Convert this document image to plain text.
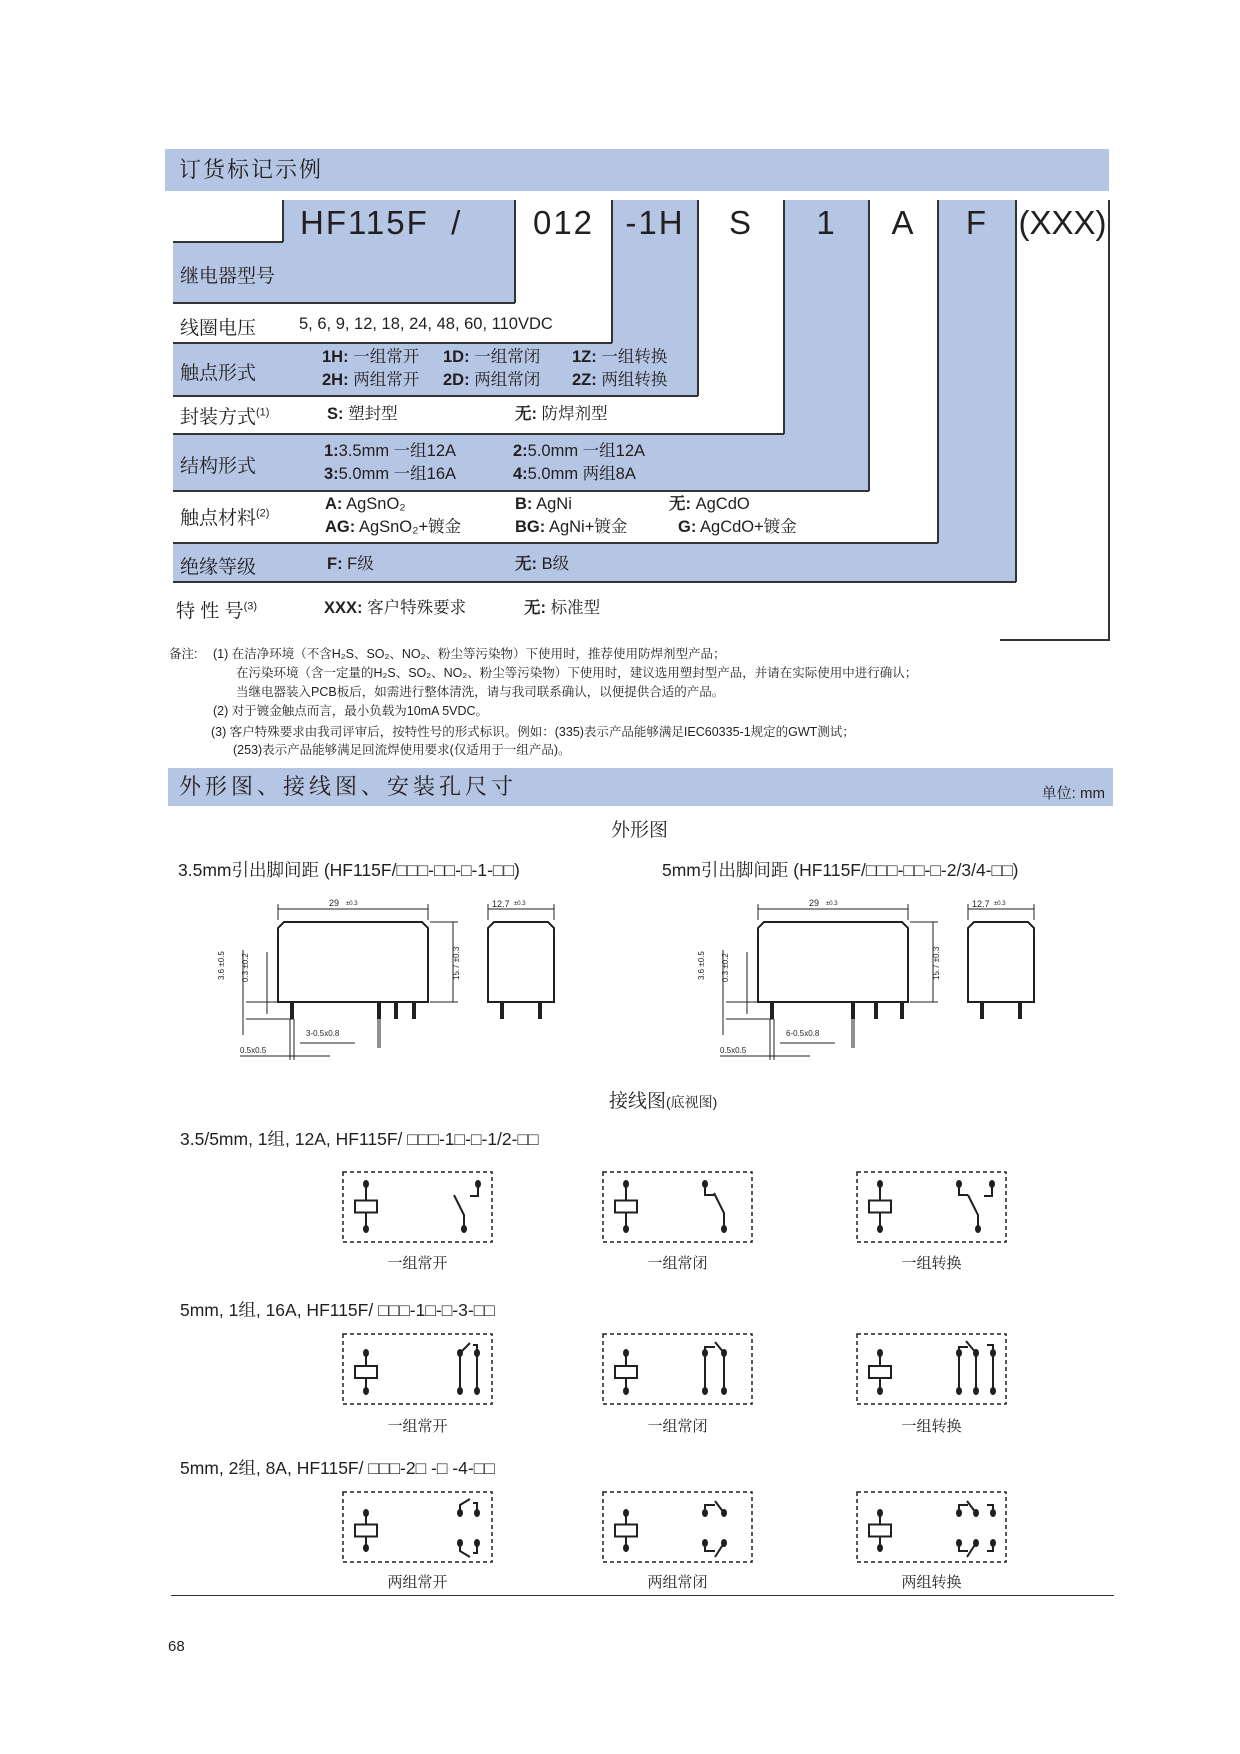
订货标记示例
HF115F  /	012 -1H	S	1	A	F (XXX)
继电器型号
线圈电压	5, 6, 9, 12, 18, 24, 48, 60, 110VDC
触点形式
1H: 一组常开 1D: 一组常闭 1Z: 一组转换
2H: 两组常开 2D: 两组常闭 2Z: 两组转换
封装方式$^{(1)}$	S: 塑封型	无: 防焊剂型
结构形式
1:3.5mm 一组12A	2:5.0mm 一组12A
3:5.0mm 一组16A	4:5.0mm 两组8A
触点材料$^{(2)}$
A: AgSnO₂	B: AgNi	无: AgCdO
AG: AgSnO₂+镀金	BG: AgNi+镀金	G: AgCdO+镀金
绝缘等级	F: F级	无: B级
特 性 号$^{(3)}$	XXX: 客户特殊要求	无: 标准型
备注: (1) 在洁净环境（不含H₂S、SO₂、NO₂、粉尘等污染物）下使用时，推荐使用防焊剂型产品；
在污染环境（含一定量的H₂S、SO₂、NO₂、粉尘等污染物）下使用时，建议选用塑封型产品，并请在实际使用中进行确认；
当继电器装入PCB板后，如需进行整体清洗，请与我司联系确认，以便提供合适的产品。
(2) 对于镀金触点而言，最小负载为10mA 5VDC。
(3) 客户特殊要求由我司评审后，按特性号的形式标识。例如：(335)表示产品能够满足IEC60335-1规定的GWT测试；
(253)表示产品能够满足回流焊使用要求(仅适用于一组产品)。
外形图、接线图、安装孔尺寸	单位: mm
外形图
3.5mm引出脚间距 (HF115F/□□□-□□-□-1-□□)	5mm引出脚间距 (HF115F/□□□-□□-□-2/3/4-□□)
29 ±0.3	12.7 ±0.3
15.7 ±0.3
3.6 ±0.5 0.3 ±0.2
0.5x0.5
3-0.5x0.8
29 ±0.3	12.7 ±0.3
15.7 ±0.3
3.6 ±0.5 0.3 ±0.2
0.5x0.5
6-0.5x0.8
接线图(底视图)
3.5/5mm, 1组, 12A, HF115F/ □□□-1□-□-1/2-□□
一组常开	一组常闭	一组转换
5mm, 1组, 16A, HF115F/ □□□-1□-□-3-□□
一组常开	一组常闭	一组转换
5mm, 2组, 8A, HF115F/ □□□-2□ -□ -4-□□
两组常开	两组常闭	两组转换
68
